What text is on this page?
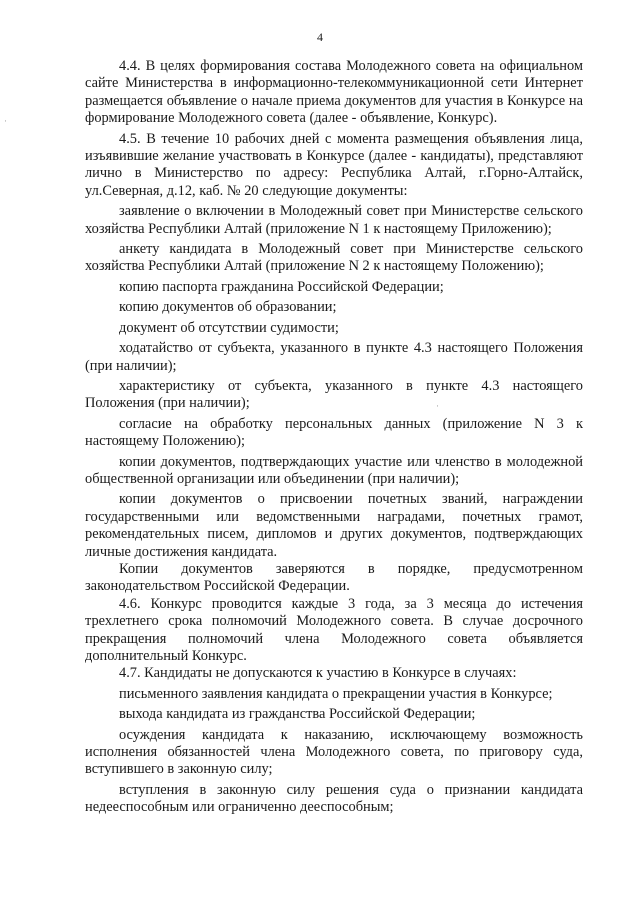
4
·
·

4.4. В целях формирования состава Молодежного совета на официальном сайте Министерства в информационно-телекоммуникационной сети Интернет размещается объявление о начале приема документов для участия в Конкурсе на формирование Молодежного совета (далее - объявление, Конкурс).

4.5. В течение 10 рабочих дней с момента размещения объявления лица, изъявившие желание участвовать в Конкурсе (далее - кандидаты), представляют лично в Министерство по адресу: Республика Алтай, г.Горно-Алтайск, ул.Северная, д.12, каб. № 20 следующие документы:

заявление о включении в Молодежный совет при Министерстве сельского хозяйства Республики Алтай (приложение N 1 к настоящему Приложению);

анкету кандидата в Молодежный совет при Министерстве сельского хозяйства Республики Алтай (приложение N 2 к настоящему Положению);

копию паспорта гражданина Российской Федерации;

копию документов об образовании;

документ об отсутствии судимости;

ходатайство от субъекта, указанного в пункте 4.3 настоящего Положения (при наличии);

характеристику от субъекта, указанного в пункте 4.3 настоящего Положения (при наличии);

согласие на обработку персональных данных (приложение N 3 к настоящему Положению);

копии документов, подтверждающих участие или членство в молодежной общественной организации или объединении (при наличии);

копии документов о присвоении почетных званий, награждении государственными или ведомственными наградами, почетных грамот, рекомендательных писем, дипломов и других документов, подтверждающих личные достижения кандидата.

Копии документов заверяются в порядке, предусмотренном законодательством Российской Федерации.

4.6. Конкурс проводится каждые 3 года, за 3 месяца до истечения трехлетнего срока полномочий Молодежного совета. В случае досрочного прекращения полномочий члена Молодежного совета объявляется дополнительный Конкурс.

4.7. Кандидаты не допускаются к участию в Конкурсе в случаях:

письменного заявления кандидата о прекращении участия в Конкурсе;

выхода кандидата из гражданства Российской Федерации;

осуждения кандидата к наказанию, исключающему возможность исполнения обязанностей члена Молодежного совета, по приговору суда, вступившего в законную силу;

вступления в законную силу решения суда о признании кандидата недееспособным или ограниченно дееспособным;
